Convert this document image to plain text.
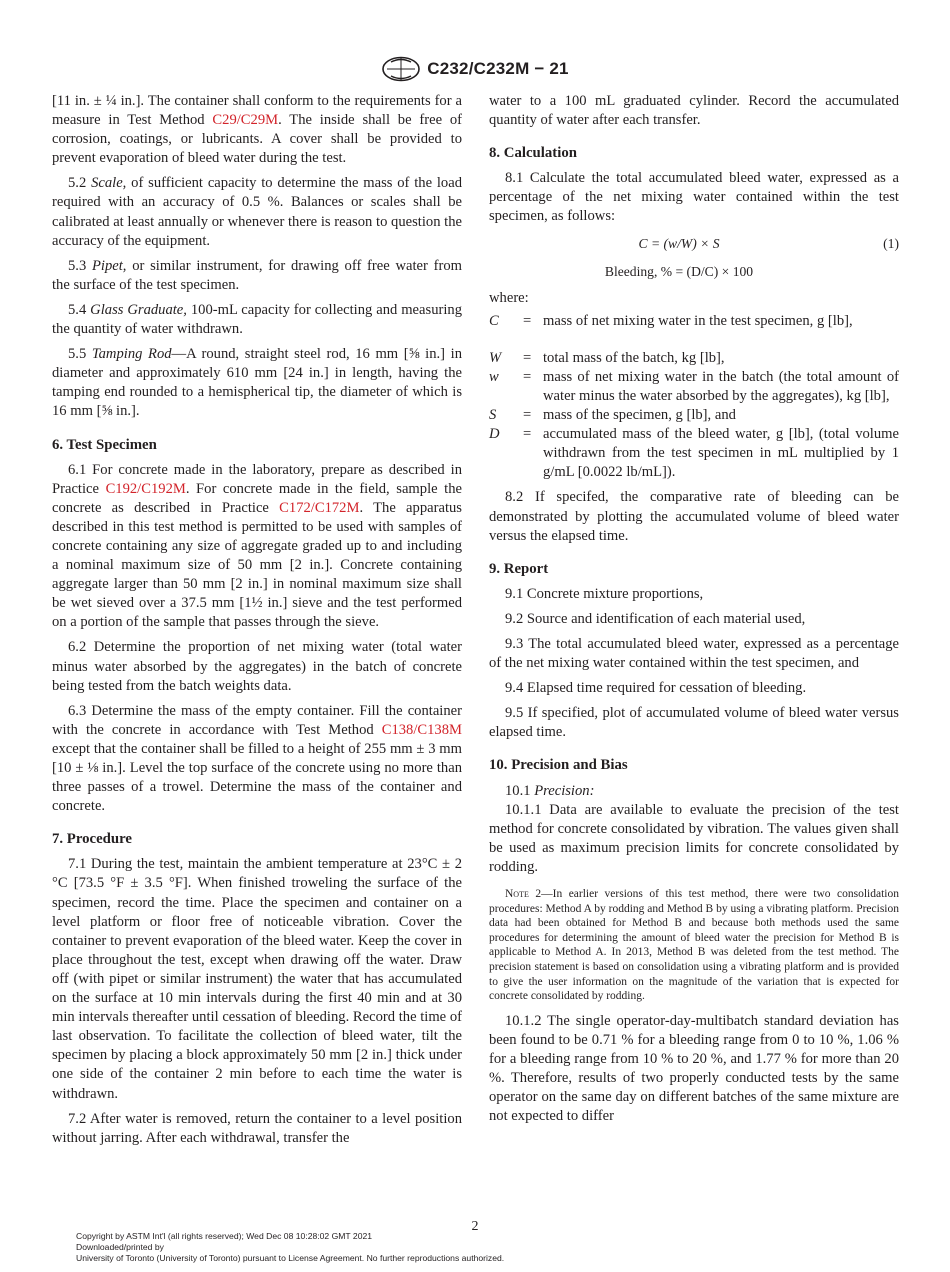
C232/C232M − 21

[11 in. ± ¼ in.]. The container shall conform to the requirements for a measure in Test Method C29/C29M. The inside shall be free of corrosion, coatings, or lubricants. A cover shall be provided to prevent evaporation of bleed water during the test.

5.2 Scale, of sufficient capacity to determine the mass of the load required with an accuracy of 0.5 %. Balances or scales shall be calibrated at least annually or whenever there is reason to question the accuracy of the equipment.

5.3 Pipet, or similar instrument, for drawing off free water from the surface of the test specimen.

5.4 Glass Graduate, 100-mL capacity for collecting and measuring the quantity of water withdrawn.

5.5 Tamping Rod—A round, straight steel rod, 16 mm [⅝ in.] in diameter and approximately 610 mm [24 in.] in length, having the tamping end rounded to a hemispherical tip, the diameter of which is 16 mm [⅝ in.].

6. Test Specimen

6.1 For concrete made in the laboratory, prepare as described in Practice C192/C192M. For concrete made in the field, sample the concrete as described in Practice C172/C172M. The apparatus described in this test method is permitted to be used with samples of concrete containing any size of aggregate graded up to and including a nominal maximum size of 50 mm [2 in.]. Concrete containing aggregate larger than 50 mm [2 in.] in nominal maximum size shall be wet sieved over a 37.5 mm [1½ in.] sieve and the test performed on a portion of the sample that passes through the sieve.

6.2 Determine the proportion of net mixing water (total water minus water absorbed by the aggregates) in the batch of concrete being tested from the batch weights data.

6.3 Determine the mass of the empty container. Fill the container with the concrete in accordance with Test Method C138/C138M except that the container shall be filled to a height of 255 mm ± 3 mm [10 ± ⅛ in.]. Level the top surface of the concrete using no more than three passes of a trowel. Determine the mass of the container and concrete.

7. Procedure

7.1 During the test, maintain the ambient temperature at 23°C ± 2 °C [73.5 °F ± 3.5 °F]. When finished troweling the surface of the specimen, record the time. Place the specimen and container on a level platform or floor free of noticeable vibration. Cover the container to prevent evaporation of the bleed water. Keep the cover in place throughout the test, except when drawing off the water. Draw off (with pipet or similar instrument) the water that has accumulated on the surface at 10 min intervals during the first 40 min and at 30 min intervals thereafter until cessation of bleeding. Record the time of last observation. To facilitate the collection of bleed water, tilt the specimen by placing a block approximately 50 mm [2 in.] thick under one side of the container 2 min before to each time the water is withdrawn.

7.2 After water is removed, return the container to a level position without jarring. After each withdrawal, transfer the

water to a 100 mL graduated cylinder. Record the accumulated quantity of water after each transfer.

8. Calculation

8.1 Calculate the total accumulated bleed water, expressed as a percentage of the net mixing water contained within the test specimen, as follows:

C = (w/W) × S	(1)
Bleeding, % = (D/C) × 100

where:

C	= mass of net mixing water in the test specimen, g [lb],
W	= total mass of the batch, kg [lb],
w	= mass of net mixing water in the batch (the total amount of water minus the water absorbed by the aggregates), kg [lb],
S	= mass of the specimen, g [lb], and
D	= accumulated mass of the bleed water, g [lb], (total volume withdrawn from the test specimen in mL multiplied by 1 g/mL [0.0022 lb/mL]).

8.2 If specifed, the comparative rate of bleeding can be demonstrated by plotting the accumulated volume of bleed water versus the elapsed time.

9. Report

9.1 Concrete mixture proportions,

9.2 Source and identification of each material used,

9.3 The total accumulated bleed water, expressed as a percentage of the net mixing water contained within the test specimen, and

9.4 Elapsed time required for cessation of bleeding.

9.5 If specified, plot of accumulated volume of bleed water versus elapsed time.

10. Precision and Bias

10.1 Precision:

10.1.1 Data are available to evaluate the precision of the test method for concrete consolidated by vibration. The values given shall be used as maximum precision limits for concrete consolidated by rodding.

Note 2—In earlier versions of this test method, there were two consolidation procedures: Method A by rodding and Method B by using a vibrating platform. Precision data had been obtained for Method B and because both methods used the same procedures for determining the amount of bleed water the precision for Method B is applicable to Method A. In 2013, Method B was deleted from the test method. The precision statement is based on consolidation using a vibrating platform and is provided to give the user information on the magnitude of the variation that is expected for concrete consolidated by rodding.

10.1.2 The single operator-day-multibatch standard deviation has been found to be 0.71 % for a bleeding range from 0 to 10 %, 1.06 % for a bleeding range from 10 % to 20 %, and 1.77 % for more than 20 %. Therefore, results of two properly conducted tests by the same operator on the same day on different batches of the same mixture are not expected to differ

2
Copyright by ASTM Int'l (all rights reserved); Wed Dec 08 10:28:02 GMT 2021
Downloaded/printed by
University of Toronto (University of Toronto) pursuant to License Agreement. No further reproductions authorized.
